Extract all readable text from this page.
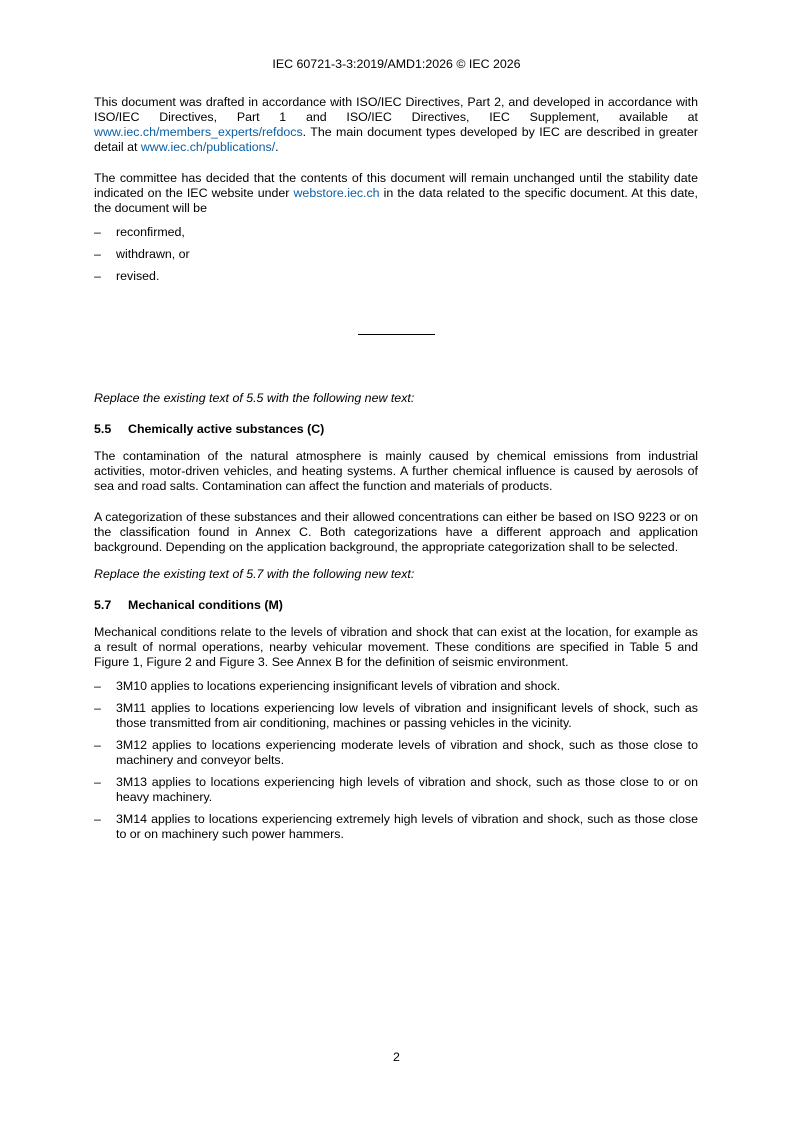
IEC 60721-3-3:2019/AMD1:2026 © IEC 2026

This document was drafted in accordance with ISO/IEC Directives, Part 2, and developed in accordance with ISO/IEC Directives, Part 1 and ISO/IEC Directives, IEC Supplement, available at www.iec.ch/members_experts/refdocs. The main document types developed by IEC are described in greater detail at www.iec.ch/publications/.

The committee has decided that the contents of this document will remain unchanged until the stability date indicated on the IEC website under webstore.iec.ch in the data related to the specific document. At this date, the document will be

– reconfirmed,
– withdrawn, or
– revised.

Replace the existing text of 5.5 with the following new text:

5.5 Chemically active substances (C)

The contamination of the natural atmosphere is mainly caused by chemical emissions from industrial activities, motor-driven vehicles, and heating systems. A further chemical influence is caused by aerosols of sea and road salts. Contamination can affect the function and materials of products.

A categorization of these substances and their allowed concentrations can either be based on ISO 9223 or on the classification found in Annex C. Both categorizations have a different approach and application background. Depending on the application background, the appropriate categorization shall to be selected.

Replace the existing text of 5.7 with the following new text:

5.7 Mechanical conditions (M)

Mechanical conditions relate to the levels of vibration and shock that can exist at the location, for example as a result of normal operations, nearby vehicular movement. These conditions are specified in Table 5 and Figure 1, Figure 2 and Figure 3. See Annex B for the definition of seismic environment.

– 3M10 applies to locations experiencing insignificant levels of vibration and shock.
– 3M11 applies to locations experiencing low levels of vibration and insignificant levels of shock, such as those transmitted from air conditioning, machines or passing vehicles in the vicinity.
– 3M12 applies to locations experiencing moderate levels of vibration and shock, such as those close to machinery and conveyor belts.
– 3M13 applies to locations experiencing high levels of vibration and shock, such as those close to or on heavy machinery.
– 3M14 applies to locations experiencing extremely high levels of vibration and shock, such as those close to or on machinery such power hammers.
2
